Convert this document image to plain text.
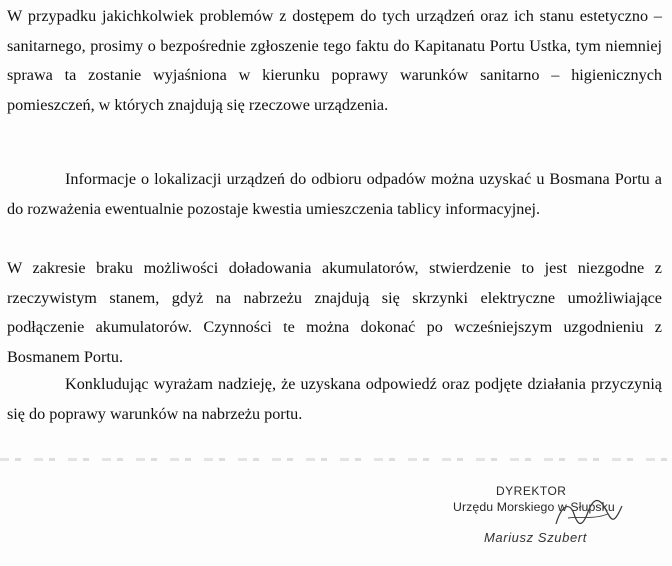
W przypadku jakichkolwiek problemów z dostępem do tych urządzeń oraz ich stanu estetyczno – sanitarnego, prosimy o bezpośrednie zgłoszenie tego faktu do Kapitanatu Portu Ustka, tym niemniej sprawa ta zostanie wyjaśniona w kierunku poprawy warunków sanitarno – higienicznych pomieszczeń, w których znajdują się rzeczowe urządzenia.

Informacje o lokalizacji urządzeń do odbioru odpadów można uzyskać u Bosmana Portu a do rozważenia ewentualnie pozostaje kwestia umieszczenia tablicy informacyjnej.

W zakresie braku możliwości doładowania akumulatorów, stwierdzenie to jest niezgodne z rzeczywistym stanem, gdyż na nabrzeżu znajdują się skrzynki elektryczne umożliwiające podłączenie akumulatorów. Czynności te można dokonać po wcześniejszym uzgodnieniu z Bosmanem Portu.

Konkludując wyrażam nadzieję, że uzyskana odpowiedź oraz podjęte działania przyczynią się do poprawy warunków na nabrzeżu portu.

DYREKTOR
Urzędu Morskiego w Słupsku
Mariusz Szubert
